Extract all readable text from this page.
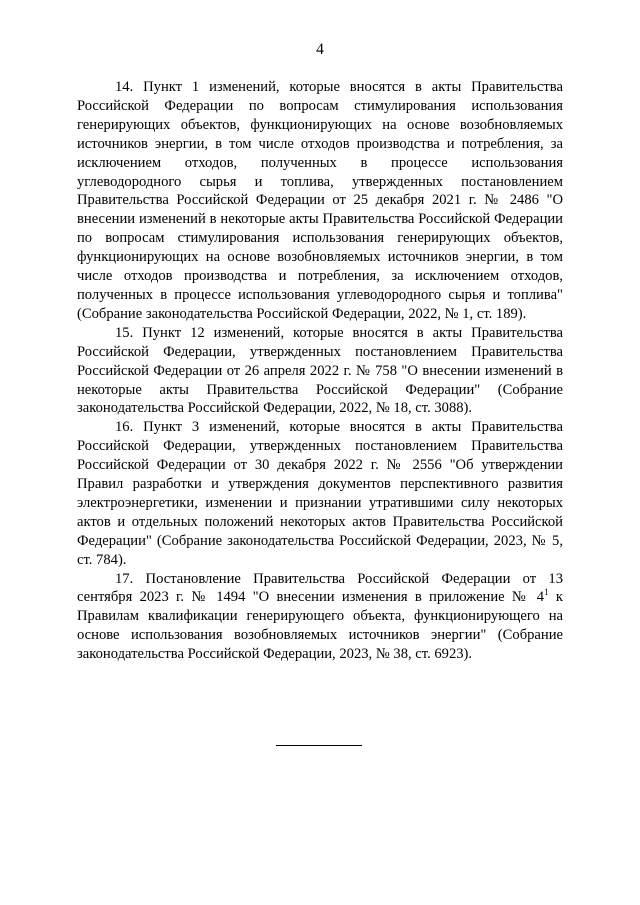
4

14. Пункт 1 изменений, которые вносятся в акты Правительства Российской Федерации по вопросам стимулирования использования генерирующих объектов, функционирующих на основе возобновляемых источников энергии, в том числе отходов производства и потребления, за исключением отходов, полученных в процессе использования углеводородного сырья и топлива, утвержденных постановлением Правительства Российской Федерации от 25 декабря 2021 г. № 2486 "О внесении изменений в некоторые акты Правительства Российской Федерации по вопросам стимулирования использования генерирующих объектов, функционирующих на основе возобновляемых источников энергии, в том числе отходов производства и потребления, за исключением отходов, полученных в процессе использования углеводородного сырья и топлива" (Собрание законодательства Российской Федерации, 2022, № 1, ст. 189).

15. Пункт 12 изменений, которые вносятся в акты Правительства Российской Федерации, утвержденных постановлением Правительства Российской Федерации от 26 апреля 2022 г. № 758 "О внесении изменений в некоторые акты Правительства Российской Федерации" (Собрание законодательства Российской Федерации, 2022, № 18, ст. 3088).

16. Пункт 3 изменений, которые вносятся в акты Правительства Российской Федерации, утвержденных постановлением Правительства Российской Федерации от 30 декабря 2022 г. № 2556 "Об утверждении Правил разработки и утверждения документов перспективного развития электроэнергетики, изменении и признании утратившими силу некоторых актов и отдельных положений некоторых актов Правительства Российской Федерации" (Собрание законодательства Российской Федерации, 2023, № 5, ст. 784).

17. Постановление Правительства Российской Федерации от 13 сентября 2023 г. № 1494 "О внесении изменения в приложение № 4$^1$ к Правилам квалификации генерирующего объекта, функционирующего на основе использования возобновляемых источников энергии" (Собрание законодательства Российской Федерации, 2023, № 38, ст. 6923).
